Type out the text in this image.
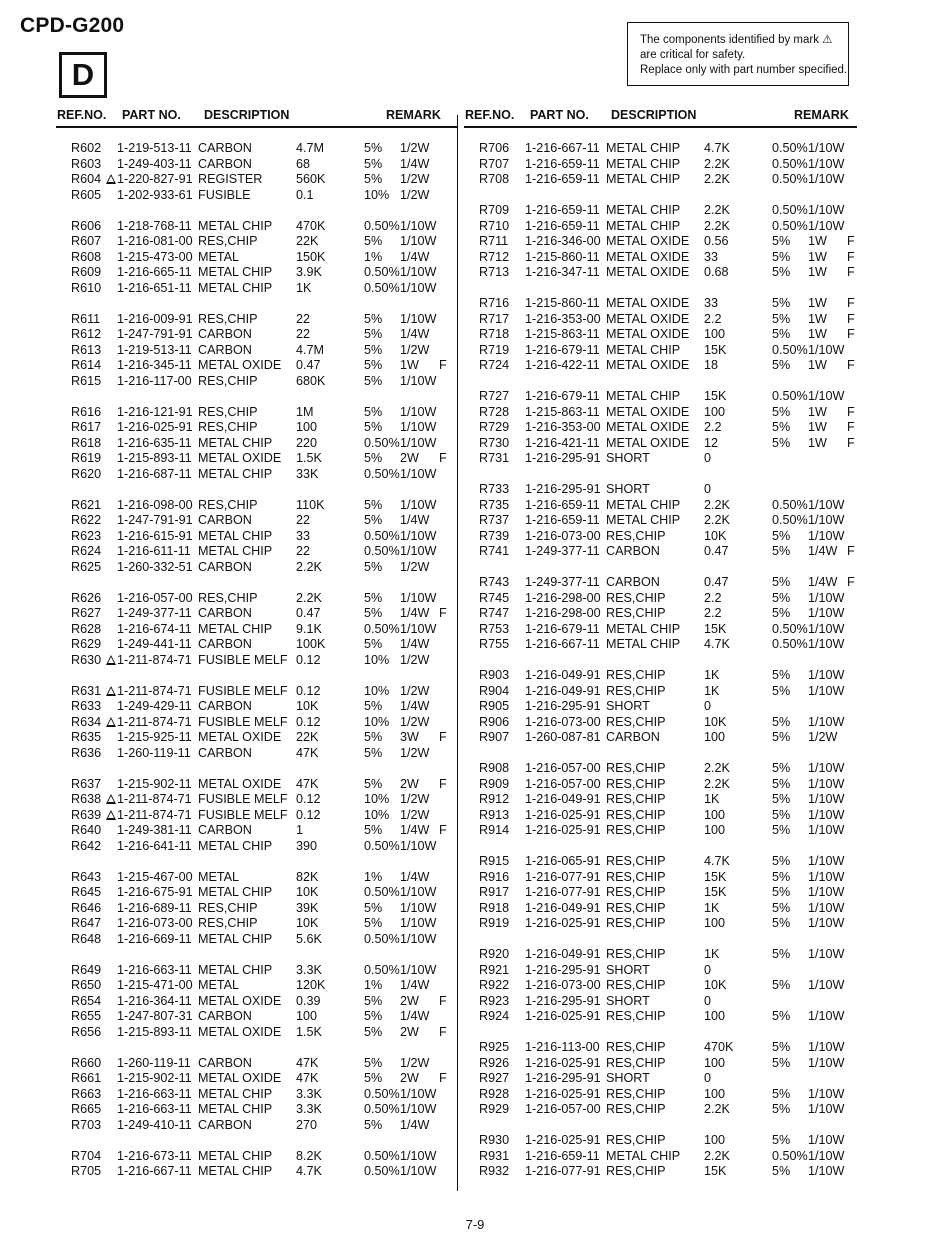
CPD-G200
D
The components identified by mark ⚠
are critical for safety.
Replace only with part number specified.
REF.NO. PART NO. DESCRIPTION	REMARK REF.NO. PART NO. DESCRIPTION	REMARK
R602 1-219-513-11 CARBON	4.7M	5% 1/2W
R603 1-249-403-11 CARBON	68	5% 1/4W
R604 1-220-827-91 REGISTER	560K	5% 1/2W
R605 1-202-933-61 FUSIBLE	0.1	10% 1/2W
R606 1-218-768-11 METAL CHIP 470K	0.50% 1/10W
R607 1-216-081-00 RES,CHIP	22K	5% 1/10W
R608 1-215-473-00 METAL	150K	1% 1/4W
R609 1-216-665-11 METAL CHIP 3.9K	0.50% 1/10W
R610 1-216-651-11 METAL CHIP 1K	0.50% 1/10W
R611 1-216-009-91 RES,CHIP	22	5% 1/10W
R612 1-247-791-91 CARBON	22	5% 1/4W
R613 1-219-513-11 CARBON	4.7M	5% 1/2W
R614 1-216-345-11 METAL OXIDE 0.47	5% 1W F
R615 1-216-117-00 RES,CHIP	680K	5% 1/10W
R616 1-216-121-91 RES,CHIP	1M	5% 1/10W
R617 1-216-025-91 RES,CHIP	100	5% 1/10W
R618 1-216-635-11 METAL CHIP 220	0.50% 1/10W
R619 1-215-893-11 METAL OXIDE 1.5K	5% 2W F
R620 1-216-687-11 METAL CHIP 33K	0.50% 1/10W
R621 1-216-098-00 RES,CHIP	110K	5% 1/10W
R622 1-247-791-91 CARBON	22	5% 1/4W
R623 1-216-615-91 METAL CHIP 33	0.50% 1/10W
R624 1-216-611-11 METAL CHIP 22	0.50% 1/10W
R625 1-260-332-51 CARBON	2.2K	5% 1/2W
R626 1-216-057-00 RES,CHIP	2.2K	5% 1/10W
R627 1-249-377-11 CARBON	0.47	5% 1/4W F
R628 1-216-674-11 METAL CHIP 9.1K	0.50% 1/10W
R629 1-249-441-11 CARBON	100K	5% 1/4W
R630 1-211-874-71 FUSIBLE MELF 0.12	10% 1/2W
R631 1-211-874-71 FUSIBLE MELF 0.12	10% 1/2W
R633 1-249-429-11 CARBON	10K	5% 1/4W
R634 1-211-874-71 FUSIBLE MELF 0.12	10% 1/2W
R635 1-215-925-11 METAL OXIDE 22K	5% 3W F
R636 1-260-119-11 CARBON	47K	5% 1/2W
R637 1-215-902-11 METAL OXIDE 47K	5% 2W F
R638 1-211-874-71 FUSIBLE MELF 0.12	10% 1/2W
R639 1-211-874-71 FUSIBLE MELF 0.12	10% 1/2W
R640 1-249-381-11 CARBON	1	5% 1/4W F
R642 1-216-641-11 METAL CHIP 390	0.50% 1/10W
R643 1-215-467-00 METAL	82K	1% 1/4W
R645 1-216-675-91 METAL CHIP 10K	0.50% 1/10W
R646 1-216-689-11 RES,CHIP	39K	5% 1/10W
R647 1-216-073-00 RES,CHIP	10K	5% 1/10W
R648 1-216-669-11 METAL CHIP 5.6K	0.50% 1/10W
R649 1-216-663-11 METAL CHIP 3.3K	0.50% 1/10W
R650 1-215-471-00 METAL	120K	1% 1/4W
R654 1-216-364-11 METAL OXIDE 0.39	5% 2W F
R655 1-247-807-31 CARBON	100	5% 1/4W
R656 1-215-893-11 METAL OXIDE 1.5K	5% 2W F
R660 1-260-119-11 CARBON	47K	5% 1/2W
R661 1-215-902-11 METAL OXIDE 47K	5% 2W F
R663 1-216-663-11 METAL CHIP 3.3K	0.50% 1/10W
R665 1-216-663-11 METAL CHIP 3.3K	0.50% 1/10W
R703 1-249-410-11 CARBON	270	5% 1/4W
R704 1-216-673-11 METAL CHIP 8.2K	0.50% 1/10W
R705 1-216-667-11 METAL CHIP 4.7K	0.50% 1/10W
R706 1-216-667-11 METAL CHIP 4.7K	0.50% 1/10W
R707 1-216-659-11 METAL CHIP 2.2K	0.50% 1/10W
R708 1-216-659-11 METAL CHIP 2.2K	0.50% 1/10W
R709 1-216-659-11 METAL CHIP 2.2K	0.50% 1/10W
R710 1-216-659-11 METAL CHIP 2.2K	0.50% 1/10W
R711 1-216-346-00 METAL OXIDE 0.56	5% 1W F
R712 1-215-860-11 METAL OXIDE 33	5% 1W F
R713 1-216-347-11 METAL OXIDE 0.68	5% 1W F
R716 1-215-860-11 METAL OXIDE 33	5% 1W F
R717 1-216-353-00 METAL OXIDE 2.2	5% 1W F
R718 1-215-863-11 METAL OXIDE 100	5% 1W F
R719 1-216-679-11 METAL CHIP 15K	0.50% 1/10W
R724 1-216-422-11 METAL OXIDE 18	5% 1W F
R727 1-216-679-11 METAL CHIP 15K	0.50% 1/10W
R728 1-215-863-11 METAL OXIDE 100	5% 1W F
R729 1-216-353-00 METAL OXIDE 2.2	5% 1W F
R730 1-216-421-11 METAL OXIDE 12	5% 1W F
R731 1-216-295-91 SHORT	0
R733 1-216-295-91 SHORT	0
R735 1-216-659-11 METAL CHIP 2.2K	0.50% 1/10W
R737 1-216-659-11 METAL CHIP 2.2K	0.50% 1/10W
R739 1-216-073-00 RES,CHIP	10K	5% 1/10W
R741 1-249-377-11 CARBON	0.47	5% 1/4W F
R743 1-249-377-11 CARBON	0.47	5% 1/4W F
R745 1-216-298-00 RES,CHIP	2.2	5% 1/10W
R747 1-216-298-00 RES,CHIP	2.2	5% 1/10W
R753 1-216-679-11 METAL CHIP 15K	0.50% 1/10W
R755 1-216-667-11 METAL CHIP 4.7K	0.50% 1/10W
R903 1-216-049-91 RES,CHIP	1K	5% 1/10W
R904 1-216-049-91 RES,CHIP	1K	5% 1/10W
R905 1-216-295-91 SHORT	0
R906 1-216-073-00 RES,CHIP	10K	5% 1/10W
R907 1-260-087-81 CARBON	100	5% 1/2W
R908 1-216-057-00 RES,CHIP	2.2K	5% 1/10W
R909 1-216-057-00 RES,CHIP	2.2K	5% 1/10W
R912 1-216-049-91 RES,CHIP	1K	5% 1/10W
R913 1-216-025-91 RES,CHIP	100	5% 1/10W
R914 1-216-025-91 RES,CHIP	100	5% 1/10W
R915 1-216-065-91 RES,CHIP	4.7K	5% 1/10W
R916 1-216-077-91 RES,CHIP	15K	5% 1/10W
R917 1-216-077-91 RES,CHIP	15K	5% 1/10W
R918 1-216-049-91 RES,CHIP	1K	5% 1/10W
R919 1-216-025-91 RES,CHIP	100	5% 1/10W
R920 1-216-049-91 RES,CHIP	1K	5% 1/10W
R921 1-216-295-91 SHORT	0
R922 1-216-073-00 RES,CHIP	10K	5% 1/10W
R923 1-216-295-91 SHORT	0
R924 1-216-025-91 RES,CHIP	100	5% 1/10W
R925 1-216-113-00 RES,CHIP	470K	5% 1/10W
R926 1-216-025-91 RES,CHIP	100	5% 1/10W
R927 1-216-295-91 SHORT	0
R928 1-216-025-91 RES,CHIP	100	5% 1/10W
R929 1-216-057-00 RES,CHIP	2.2K	5% 1/10W
R930 1-216-025-91 RES,CHIP	100	5% 1/10W
R931 1-216-659-11 METAL CHIP 2.2K	0.50% 1/10W
R932 1-216-077-91 RES,CHIP	15K	5% 1/10W
7-9
